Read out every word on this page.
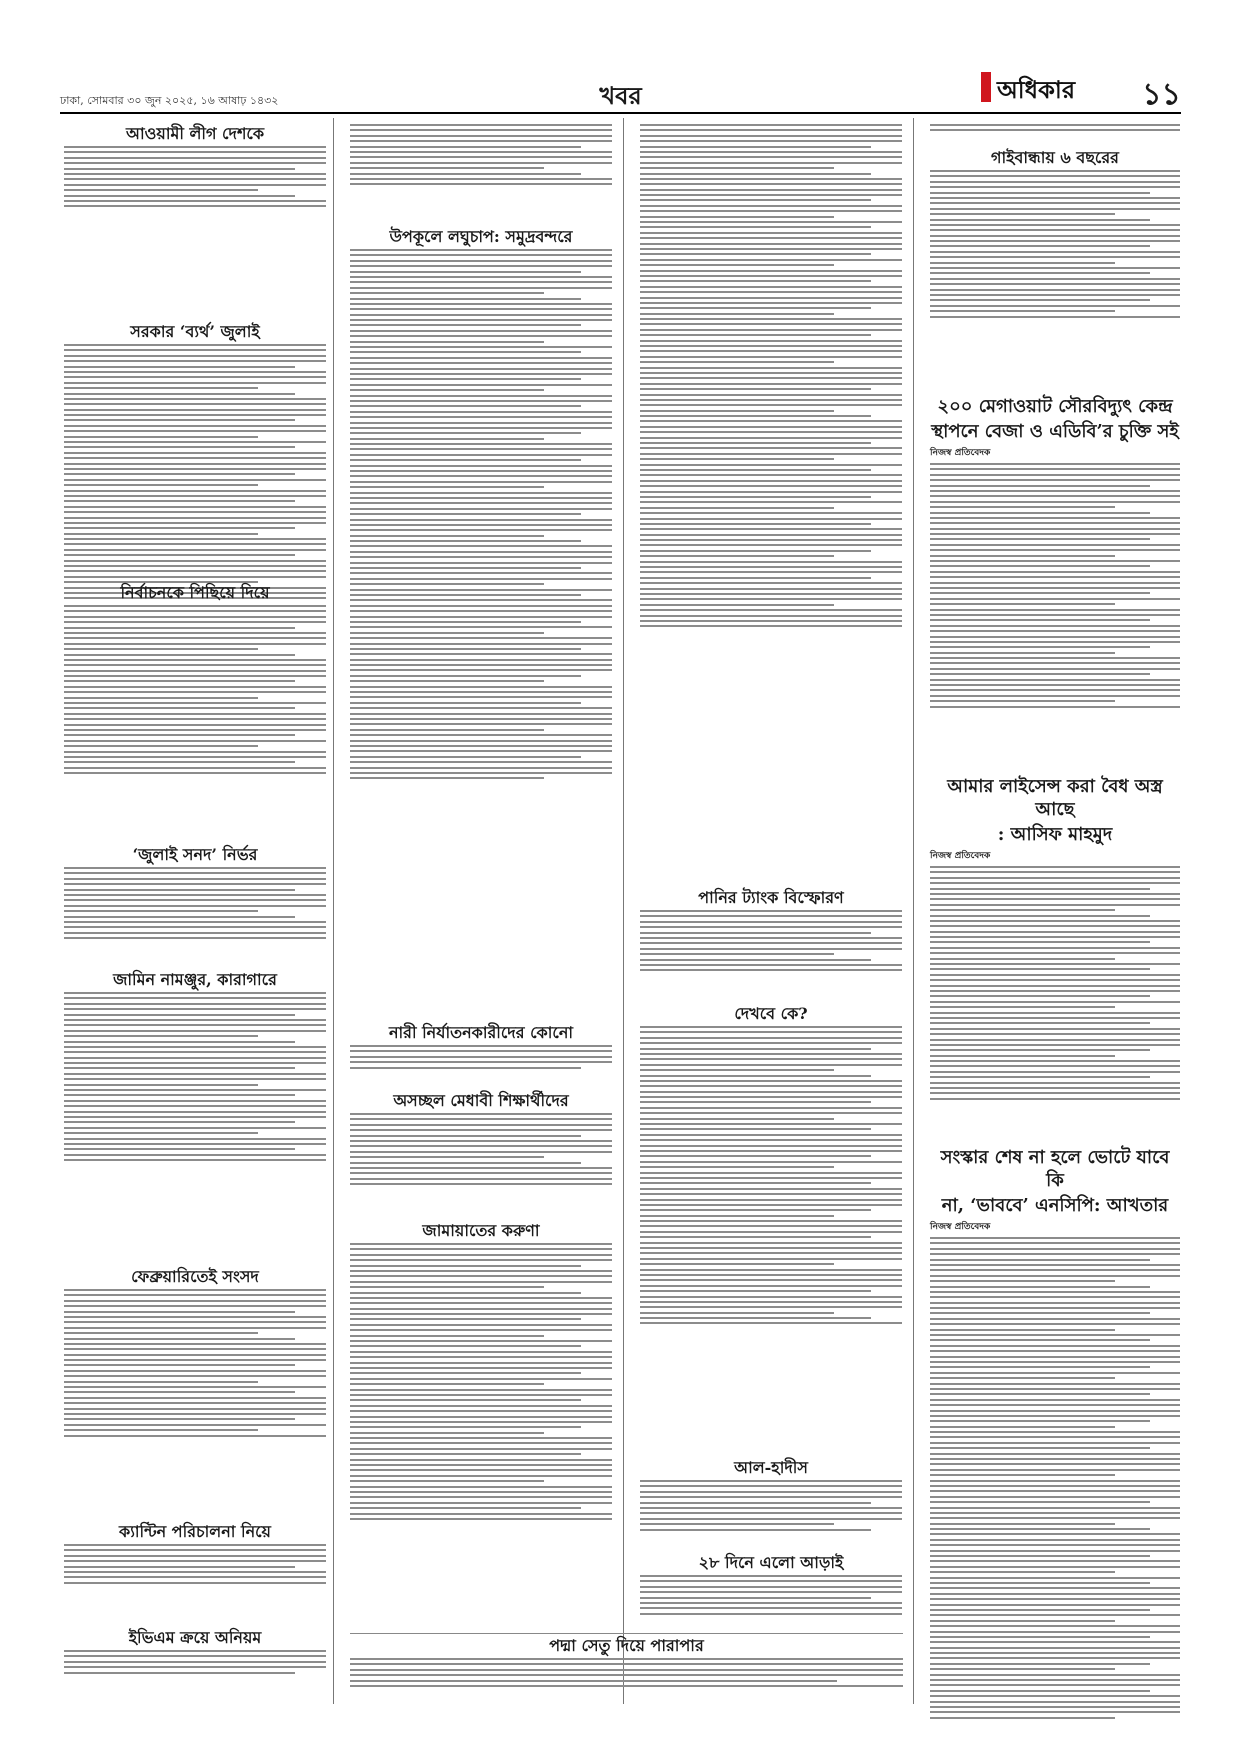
ঢাকা, সোমবার ৩০ জুন ২০২৫, ১৬ আষাঢ় ১৪৩২	খবর	অধিকার ১১
আওয়ামী লীগ দেশকে
সরকার ‘ব্যর্থ’ জুলাই
নির্বাচনকে পিছিয়ে দিয়ে
‘জুলাই সনদ’ নির্ভর
জামিন নামঞ্জুর, কারাগারে
ফেব্রুয়ারিতেই সংসদ
ক্যান্টিন পরিচালনা নিয়ে
ইভিএম ক্রয়ে অনিয়ম
উপকূলে লঘুচাপ: সমুদ্রবন্দরে
নারী নির্যাতনকারীদের কোনো
অসচ্ছল মেধাবী শিক্ষার্থীদের
জামায়াতের করুণা
পদ্মা সেতু দিয়ে পারাপার
পানির ট্যাংক বিস্ফোরণ
দেখবে কে?
আল-হাদীস
২৮ দিনে এলো আড়াই
গাইবান্ধায় ৬ বছরের
২০০ মেগাওয়াট সৌরবিদ্যুৎ কেন্দ্র
স্থাপনে বেজা ও এডিবি’র চুক্তি সই
নিজস্ব প্রতিবেদক
আমার লাইসেন্স করা বৈধ অস্ত্র আছে
: আসিফ মাহমুদ
নিজস্ব প্রতিবেদক
সংস্কার শেষ না হলে ভোটে যাবে কি
না, ‘ভাববে’ এনসিপি: আখতার
নিজস্ব প্রতিবেদক
